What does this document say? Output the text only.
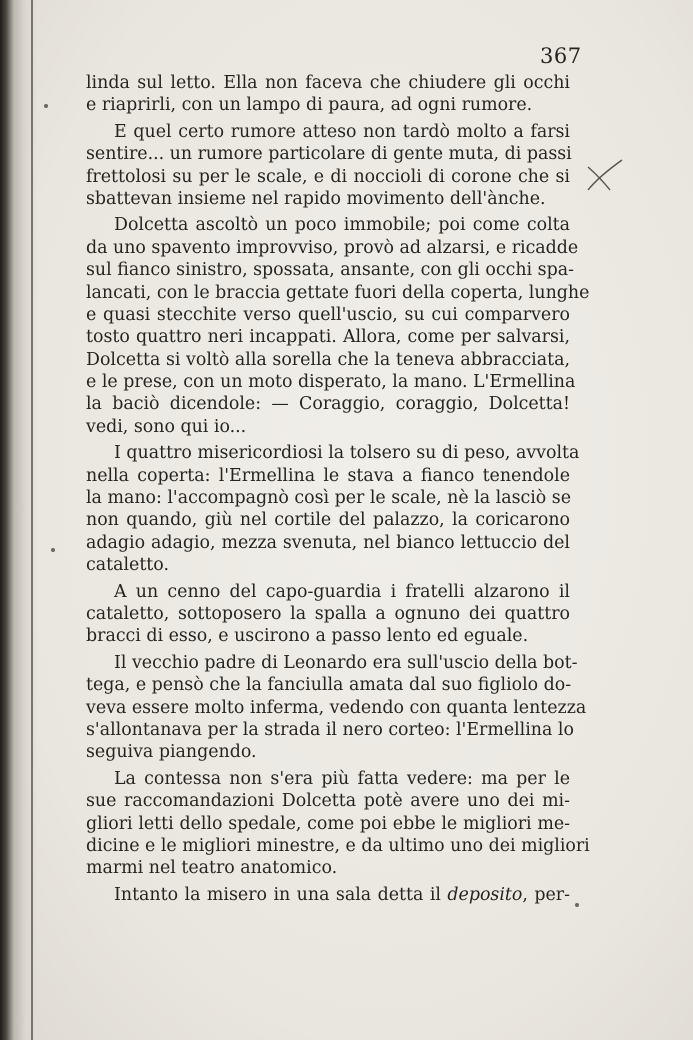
367
linda sul letto. Ella non faceva che chiudere gli occhi
e riaprirli, con un lampo di paura, ad ogni rumore.
E quel certo rumore atteso non tardò molto a farsi
sentire... un rumore particolare di gente muta, di passi
frettolosi su per le scale, e di noccioli di corone che si
sbattevan insieme nel rapido movimento dell'ànche.
Dolcetta ascoltò un poco immobile; poi come colta
da uno spavento improvviso, provò ad alzarsi, e ricadde
sul fianco sinistro, spossata, ansante, con gli occhi spa-
lancati, con le braccia gettate fuori della coperta, lunghe
e quasi stecchite verso quell'uscio, su cui comparvero
tosto quattro neri incappati. Allora, come per salvarsi,
Dolcetta si voltò alla sorella che la teneva abbracciata,
e le prese, con un moto disperato, la mano. L'Ermellina
la baciò dicendole: — Coraggio, coraggio, Dolcetta!
vedi, sono qui io...
I quattro misericordiosi la tolsero su di peso, avvolta
nella coperta: l'Ermellina le stava a fianco tenendole
la mano: l'accompagnò così per le scale, nè la lasciò se
non quando, giù nel cortile del palazzo, la coricarono
adagio adagio, mezza svenuta, nel bianco lettuccio del
cataletto.
A un cenno del capo-guardia i fratelli alzarono il
cataletto, sottoposero la spalla a ognuno dei quattro
bracci di esso, e uscirono a passo lento ed eguale.
Il vecchio padre di Leonardo era sull'uscio della bot-
tega, e pensò che la fanciulla amata dal suo figliolo do-
veva essere molto inferma, vedendo con quanta lentezza
s'allontanava per la strada il nero corteo: l'Ermellina lo
seguiva piangendo.
La contessa non s'era più fatta vedere: ma per le
sue raccomandazioni Dolcetta potè avere uno dei mi-
gliori letti dello spedale, come poi ebbe le migliori me-
dicine e le migliori minestre, e da ultimo uno dei migliori
marmi nel teatro anatomico.
Intanto la misero in una sala detta il deposito, per-
